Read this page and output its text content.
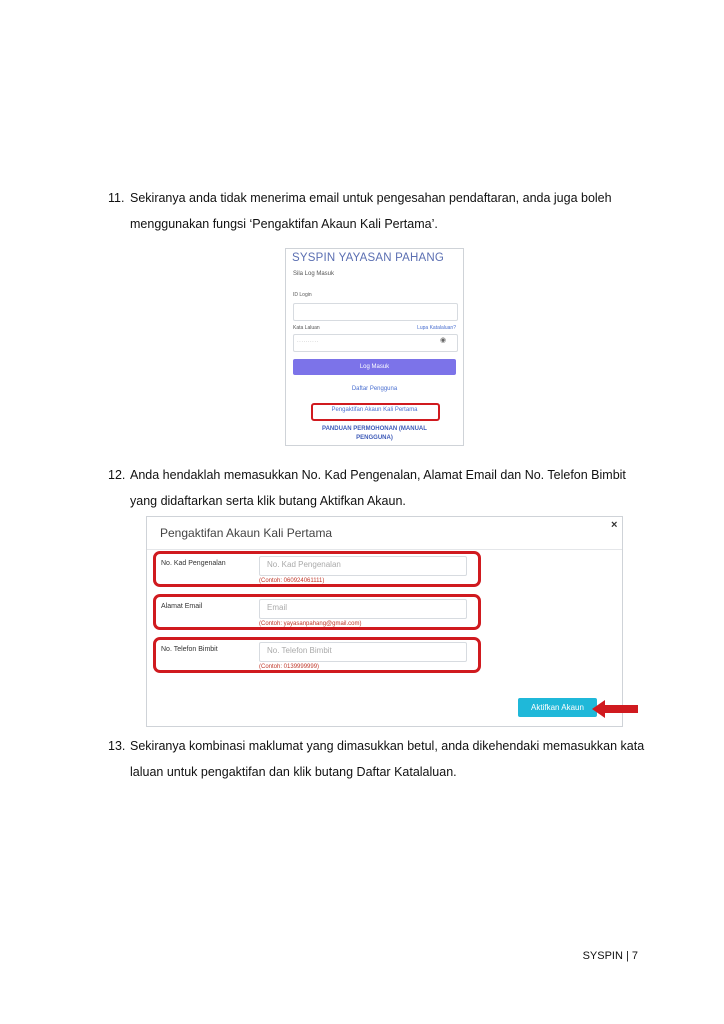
11. Sekiranya anda tidak menerima email untuk pengesahan pendaftaran, anda juga boleh
menggunakan fungsi ‘Pengaktifan Akaun Kali Pertama’.
SYSPIN YAYASAN PAHANG
Sila Log Masuk
ID Login
Kata Laluan	Lupa Katalaluan?
··········	◉
Log Masuk
Daftar Pengguna
Pengaktifan Akaun Kali Pertama
PANDUAN PERMOHONAN (MANUAL PENGGUNA)
12. Anda hendaklah memasukkan No. Kad Pengenalan, Alamat Email dan No. Telefon Bimbit
yang didaftarkan serta klik butang Aktifkan Akaun.
Pengaktifan Akaun Kali Pertama
×
No. Kad Pengenalan	No. Kad Pengenalan
(Contoh: 060924061111)
Alamat Email	Email
(Contoh: yayasanpahang@gmail.com)
No. Telefon Bimbit	No. Telefon Bimbit
(Contoh: 0139999999)
Aktifkan Akaun
13. Sekiranya kombinasi maklumat yang dimasukkan betul, anda dikehendaki memasukkan kata
laluan untuk pengaktifan dan klik butang Daftar Katalaluan.
SYSPIN | 7
